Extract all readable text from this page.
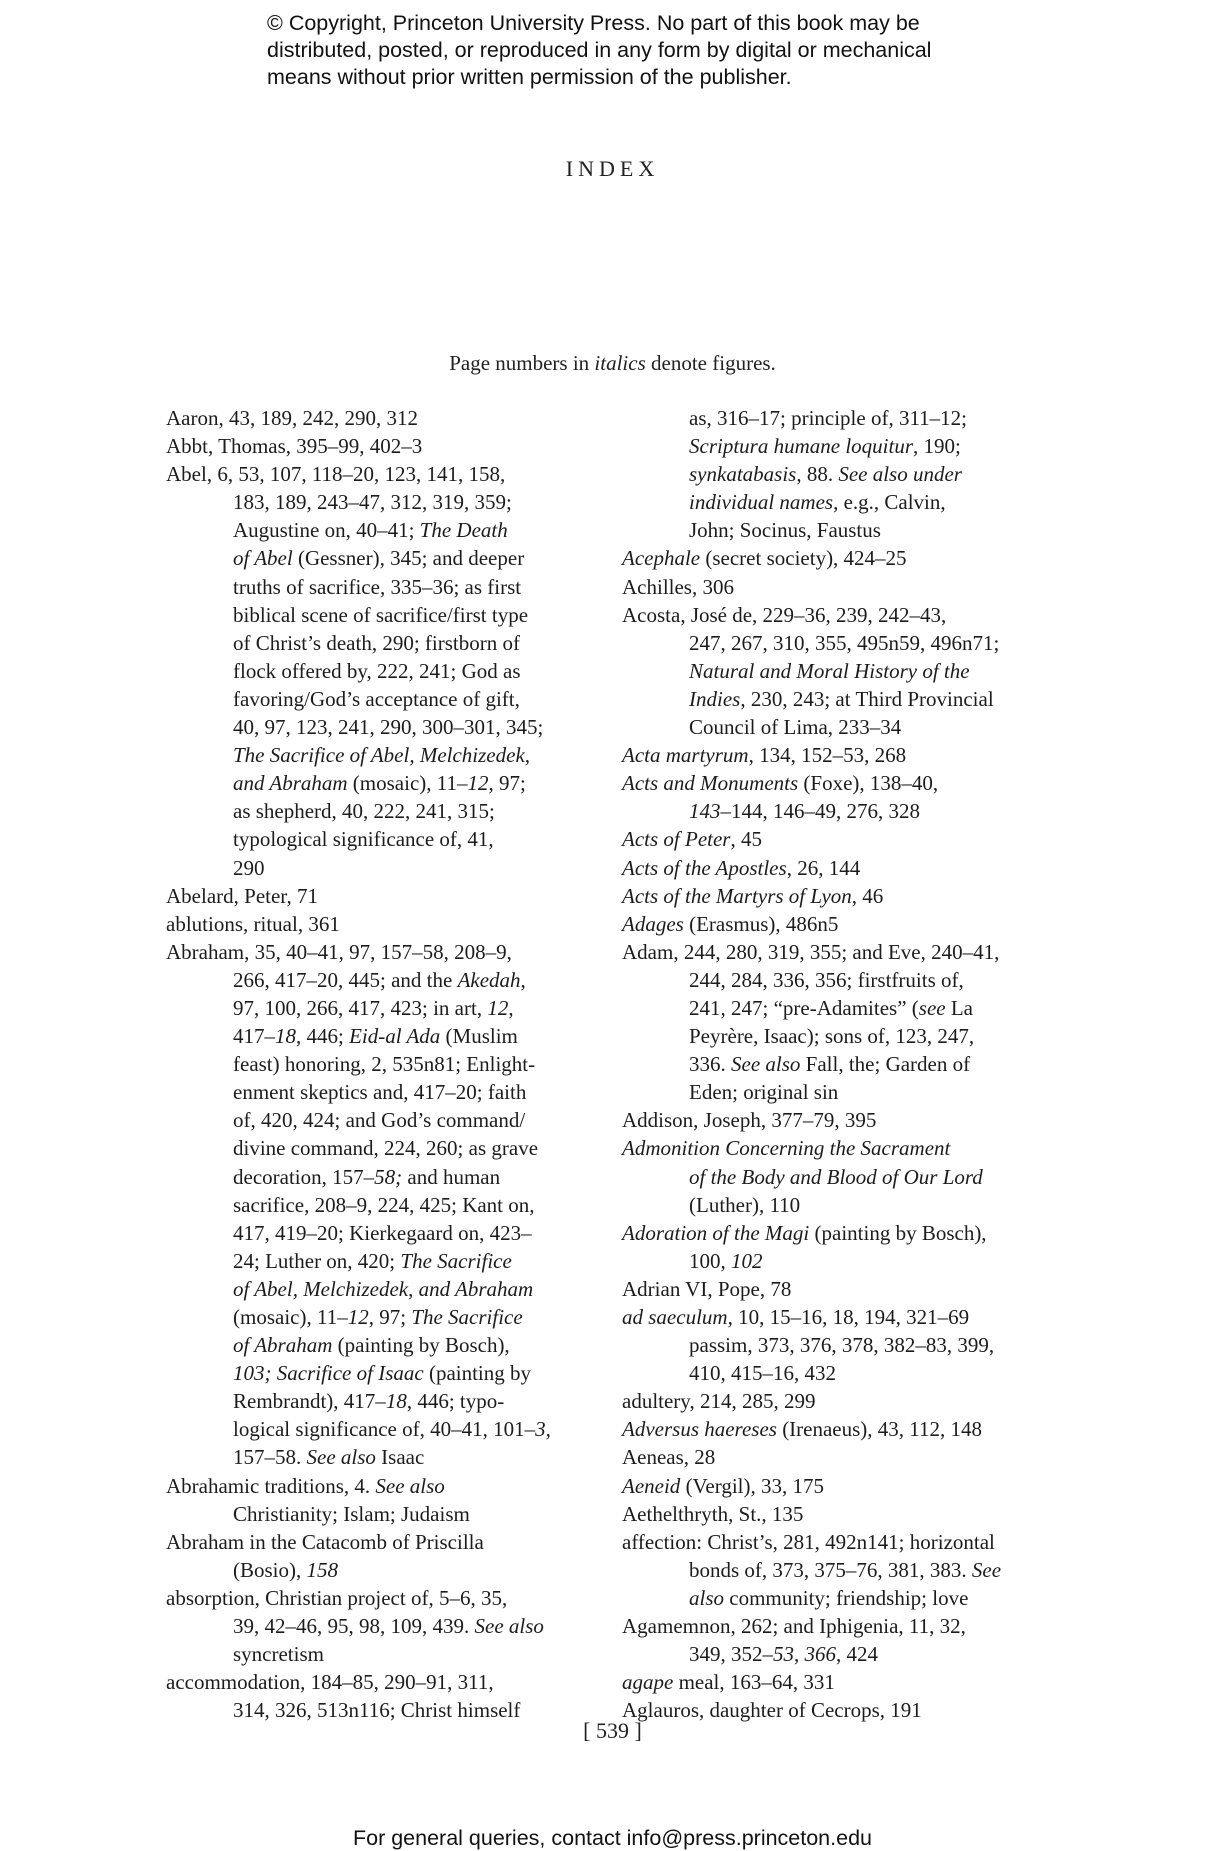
© Copyright, Princeton University Press. No part of this book may be
distributed, posted, or reproduced in any form by digital or mechanical
means without prior written permission of the publisher.
INDEX
Page numbers in italics denote figures.
Aaron, 43, 189, 242, 290, 312
Abbt, Thomas, 395–99, 402–3
Abel, 6, 53, 107, 118–20, 123, 141, 158,
183, 189, 243–47, 312, 319, 359;
Augustine on, 40–41; The Death
of Abel (Gessner), 345; and deeper
truths of sacrifice, 335–36; as first
biblical scene of sacrifice/first type
of Christ’s death, 290; firstborn of
flock offered by, 222, 241; God as
favoring/God’s acceptance of gift,
40, 97, 123, 241, 290, 300–301, 345;
The Sacrifice of Abel, Melchizedek,
and Abraham (mosaic), 11–12, 97;
as shepherd, 40, 222, 241, 315;
typological significance of, 41,
290
Abelard, Peter, 71
ablutions, ritual, 361
Abraham, 35, 40–41, 97, 157–58, 208–9,
266, 417–20, 445; and the Akedah,
97, 100, 266, 417, 423; in art, 12,
417–18, 446; Eid-al Ada (Muslim
feast) honoring, 2, 535n81; Enlight-
enment skeptics and, 417–20; faith
of, 420, 424; and God’s command/
divine command, 224, 260; as grave
decoration, 157–58; and human
sacrifice, 208–9, 224, 425; Kant on,
417, 419–20; Kierkegaard on, 423–
24; Luther on, 420; The Sacrifice
of Abel, Melchizedek, and Abraham
(mosaic), 11–12, 97; The Sacrifice
of Abraham (painting by Bosch),
103; Sacrifice of Isaac (painting by
Rembrandt), 417–18, 446; typo-
logical significance of, 40–41, 101–3,
157–58. See also Isaac
Abrahamic traditions, 4. See also
Christianity; Islam; Judaism
Abraham in the Catacomb of Priscilla
(Bosio), 158
absorption, Christian project of, 5–6, 35,
39, 42–46, 95, 98, 109, 439. See also
syncretism
accommodation, 184–85, 290–91, 311,
314, 326, 513n116; Christ himself
as, 316–17; principle of, 311–12;
Scriptura humane loquitur, 190;
synkatabasis, 88. See also under
individual names, e.g., Calvin,
John; Socinus, Faustus
Acephale (secret society), 424–25
Achilles, 306
Acosta, José de, 229–36, 239, 242–43,
247, 267, 310, 355, 495n59, 496n71;
Natural and Moral History of the
Indies, 230, 243; at Third Provincial
Council of Lima, 233–34
Acta martyrum, 134, 152–53, 268
Acts and Monuments (Foxe), 138–40,
143–144, 146–49, 276, 328
Acts of Peter, 45
Acts of the Apostles, 26, 144
Acts of the Martyrs of Lyon, 46
Adages (Erasmus), 486n5
Adam, 244, 280, 319, 355; and Eve, 240–41,
244, 284, 336, 356; firstfruits of,
241, 247; “pre-Adamites” (see La
Peyrère, Isaac); sons of, 123, 247,
336. See also Fall, the; Garden of
Eden; original sin
Addison, Joseph, 377–79, 395
Admonition Concerning the Sacrament
of the Body and Blood of Our Lord
(Luther), 110
Adoration of the Magi (painting by Bosch),
100, 102
Adrian VI, Pope, 78
ad saeculum, 10, 15–16, 18, 194, 321–69
passim, 373, 376, 378, 382–83, 399,
410, 415–16, 432
adultery, 214, 285, 299
Adversus haereses (Irenaeus), 43, 112, 148
Aeneas, 28
Aeneid (Vergil), 33, 175
Aethelthryth, St., 135
affection: Christ’s, 281, 492n141; horizontal
bonds of, 373, 375–76, 381, 383. See
also community; friendship; love
Agamemnon, 262; and Iphigenia, 11, 32,
349, 352–53, 366, 424
agape meal, 163–64, 331
Aglauros, daughter of Cecrops, 191
[ 539 ]
For general queries, contact info@press.princeton.edu
